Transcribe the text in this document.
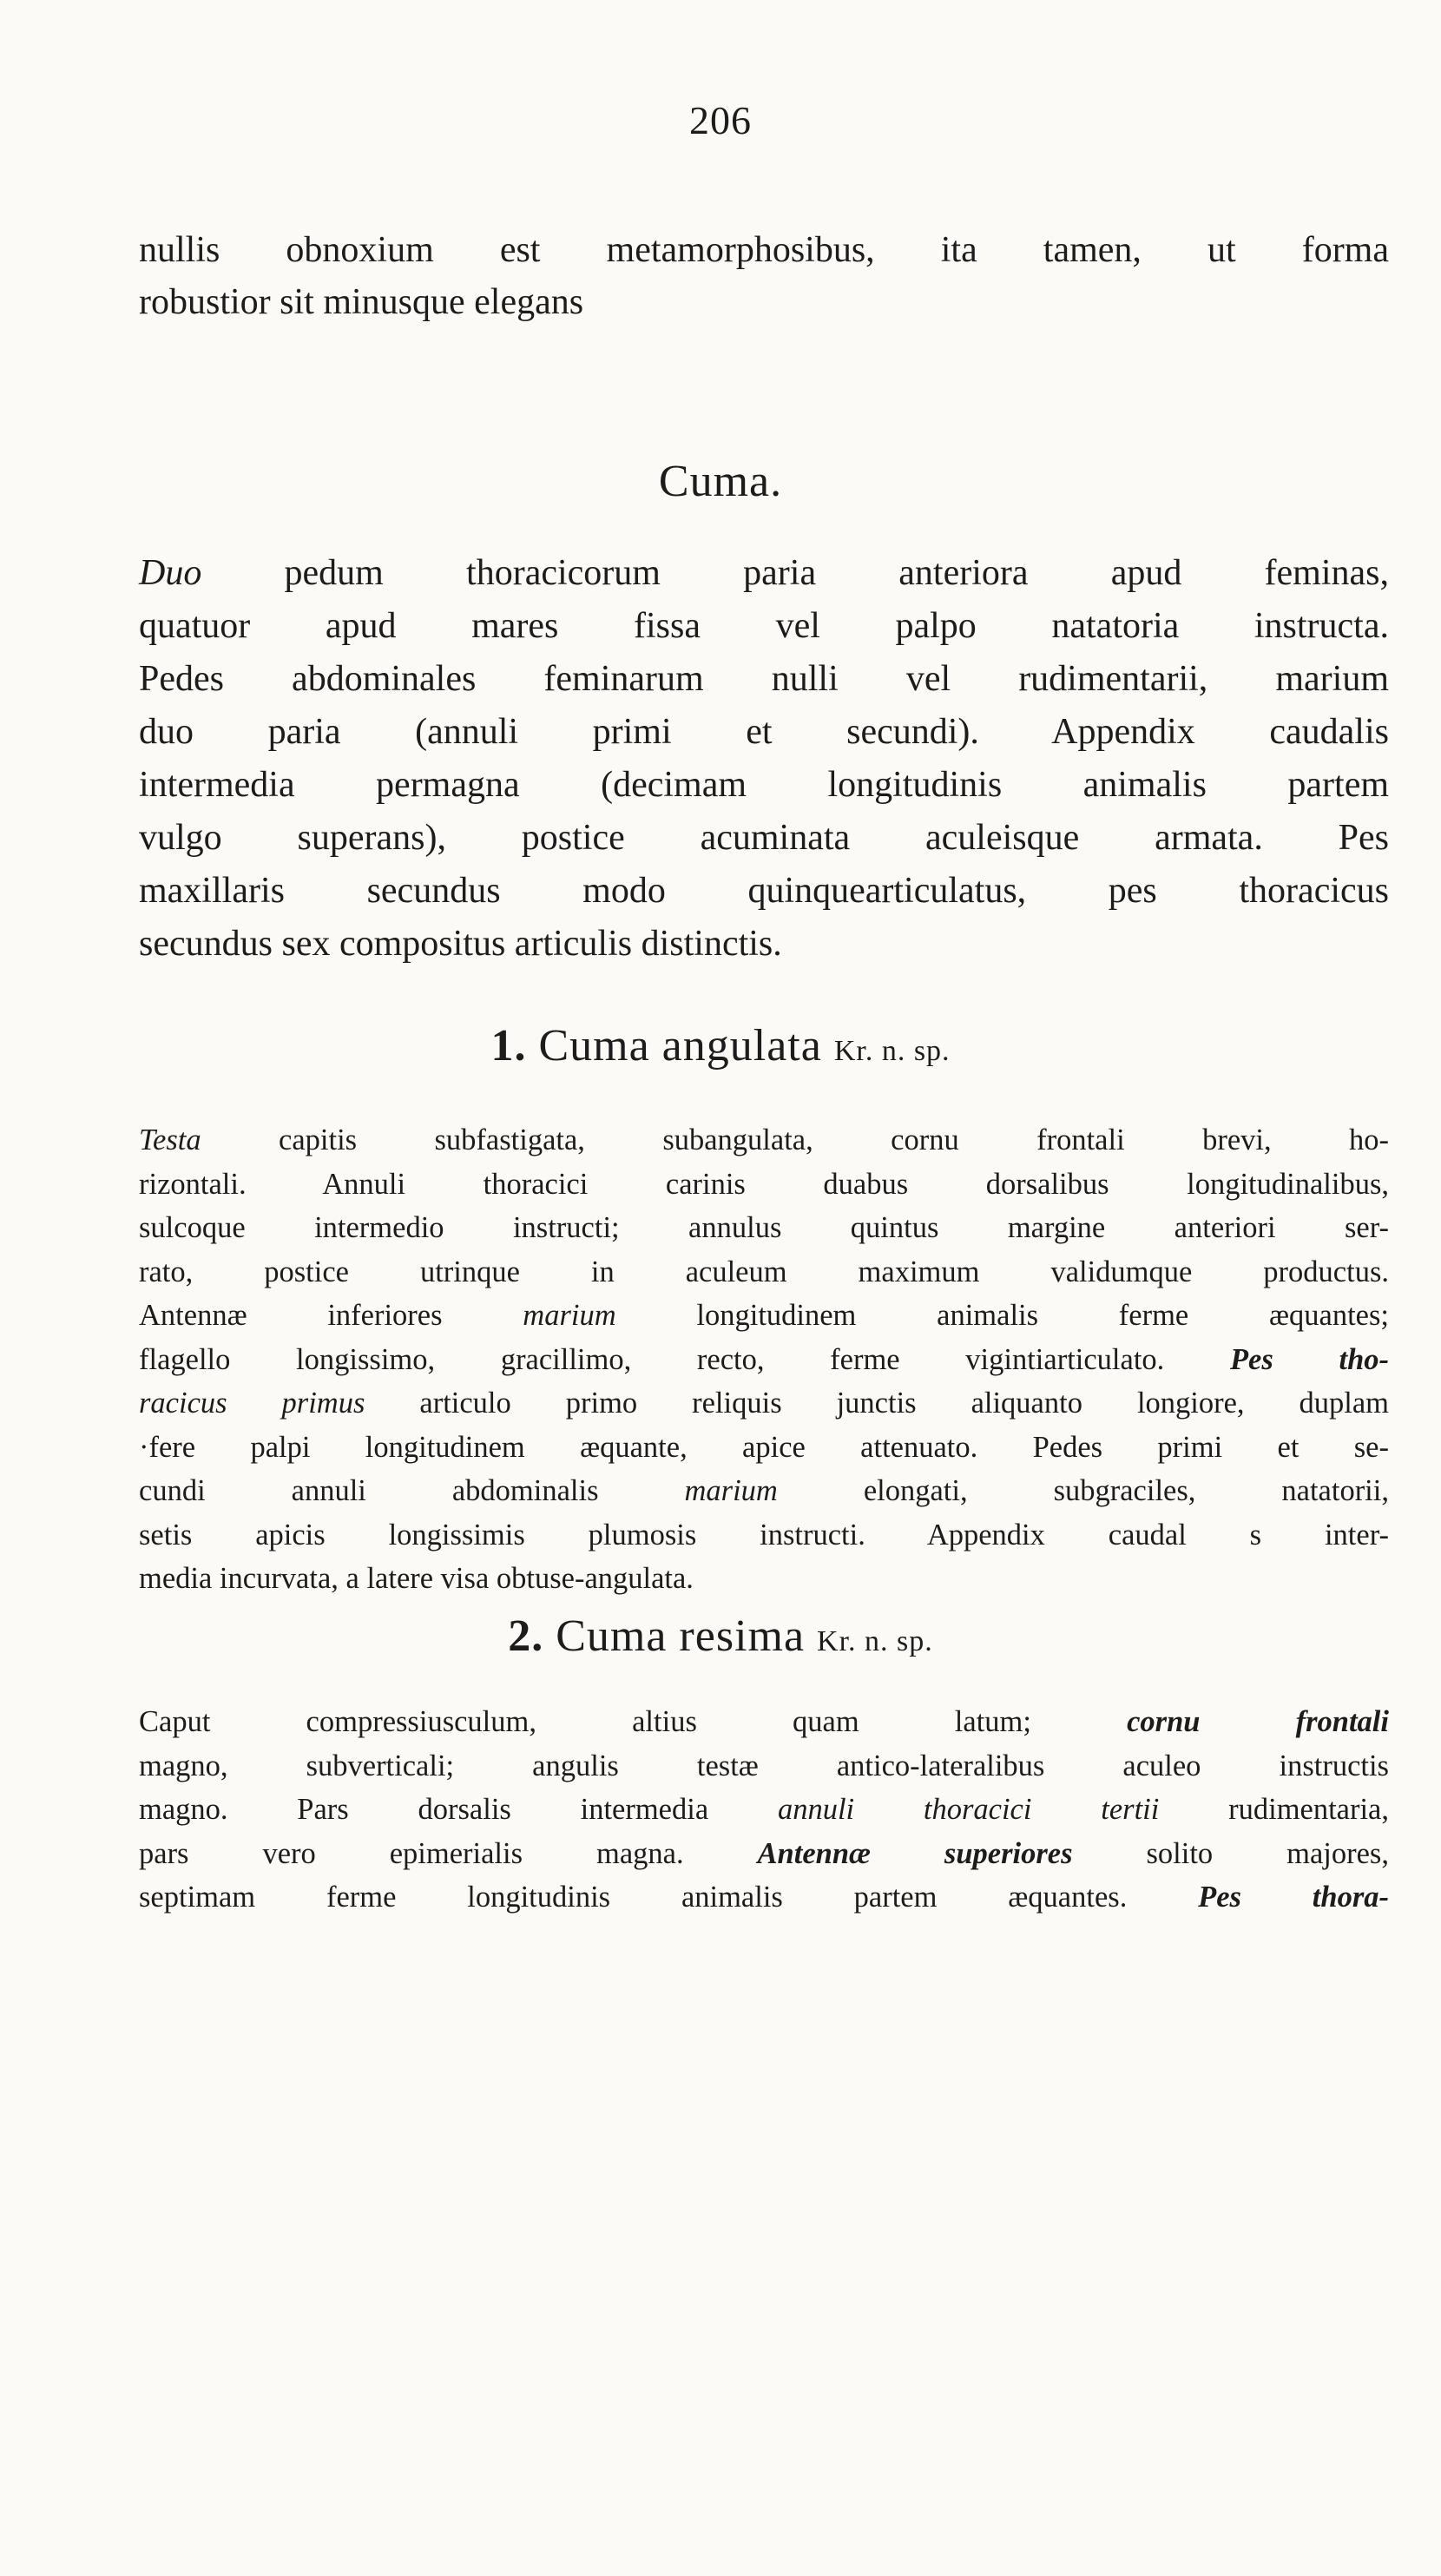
206
nullis obnoxium est metamorphosibus, ita tamen, ut forma
robustior sit minusque elegans
Cuma.
Duo pedum thoracicorum paria anteriora apud feminas,
quatuor apud mares fissa vel palpo natatoria instructa.
Pedes abdominales feminarum nulli vel rudimentarii, marium
duo paria (annuli primi et secundi). Appendix caudalis
intermedia permagna (decimam longitudinis animalis partem
vulgo superans), postice acuminata aculeisque armata. Pes
maxillaris secundus modo quinquearticulatus, pes thoracicus
secundus sex compositus articulis distinctis.
1. Cuma angulata Kr. n. sp.
Testa capitis subfastigata, subangulata, cornu frontali brevi, ho-
rizontali. Annuli thoracici carinis duabus dorsalibus longitudinalibus,
sulcoque intermedio instructi; annulus quintus margine anteriori ser-
rato, postice utrinque in aculeum maximum validumque productus.
Antennæ inferiores marium longitudinem animalis ferme æquantes;
flagello longissimo, gracillimo, recto, ferme vigintiarticulato. Pes tho-
racicus primus articulo primo reliquis junctis aliquanto longiore, duplam
·fere palpi longitudinem æquante, apice attenuato. Pedes primi et se-
cundi annuli abdominalis marium elongati, subgraciles, natatorii,
setis apicis longissimis plumosis instructi. Appendix caudal s inter-
media incurvata, a latere visa obtuse-angulata.
2. Cuma resima Kr. n. sp.
Caput compressiusculum, altius quam latum; cornu frontali
magno, subverticali; angulis testæ antico-lateralibus aculeo instructis
magno. Pars dorsalis intermedia annuli thoracici tertii rudimentaria,
pars vero epimerialis magna. Antennæ superiores solito majores,
septimam ferme longitudinis animalis partem æquantes. Pes thora-
